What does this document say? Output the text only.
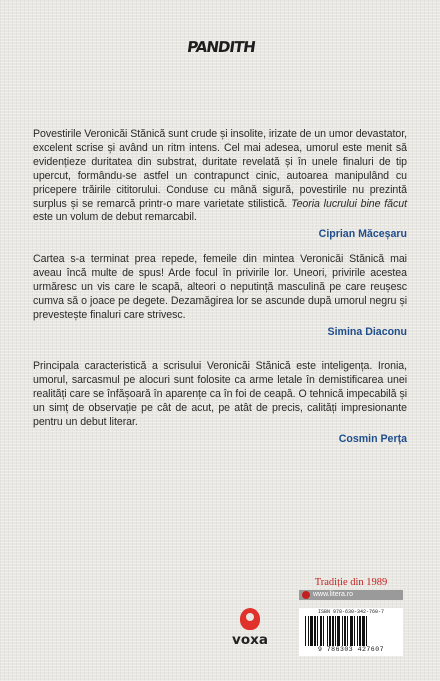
PANDITH

Povestirile Veronicăi Stănică sunt crude și insolite, irizate de un umor devastator, excelent scrise și având un ritm intens. Cel mai adesea, umorul este menit să evidențieze duritatea din substrat, duritate revelată și în unele finaluri de tip upercut, formându-se astfel un contrapunct cinic, autoarea manipulând cu pricepere trăirile cititorului. Conduse cu mână sigură, povestirile nu prezintă surplus și se remarcă printr-o mare varietate stilistică. Teoria lucrului bine făcut este un volum de debut remarcabil.

Ciprian Măceșaru

Cartea s-a terminat prea repede, femeile din mintea Veronicăi Stănică mai aveau încă multe de spus! Arde focul în privirile lor. Uneori, privirile acestea urmăresc un vis care le scapă, alteori o neputință masculină pe care reușesc cumva să o joace pe degete. Dezamăgirea lor se ascunde după umorul negru și prevestește finaluri care strivesc.

Simina Diaconu

Principala caracteristică a scrisului Veronicăi Stănică este inteligența. Ironia, umorul, sarcasmul pe alocuri sunt folosite ca arme letale în demistificarea unei realități care se înfășoară în aparențe ca în foi de ceapă. O tehnică impecabilă și un simț de observație pe cât de acut, pe atât de precis, calități impresionante pentru un debut literar.

Cosmin Perța
voxa
Tradiție din 1989
www.litera.ro
ISBN 978-630-342-760-7
9 786303 427607
